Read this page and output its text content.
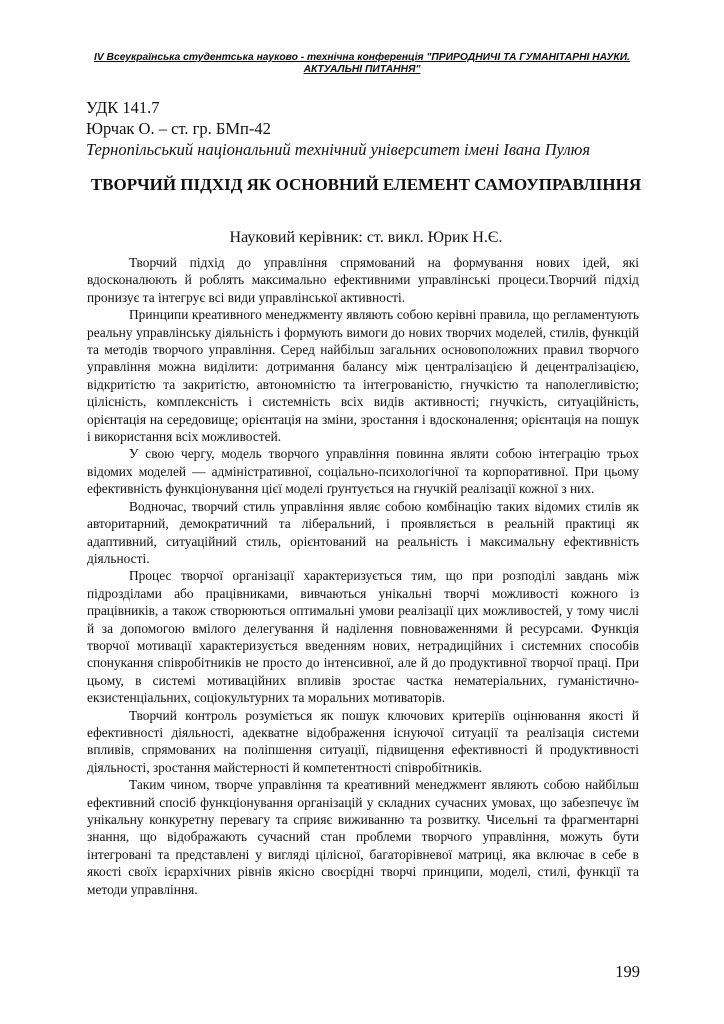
IV Всеукраїнська студентська науково - технічна конференція "ПРИРОДНИЧІ ТА ГУМАНІТАРНІ НАУКИ. АКТУАЛЬНІ ПИТАННЯ"
УДК 141.7
Юрчак О. – ст. гр. БМп-42
Тернопільський національний технічний університет імені Івана Пулюя
ТВОРЧИЙ ПІДХІД ЯК ОСНОВНИЙ ЕЛЕМЕНТ САМОУПРАВЛІННЯ
Науковий керівник: ст. викл. Юрик Н.Є.

Творчий підхід до управління спрямований на формування нових ідей, які вдосконалюють й роблять максимально ефективними управлінські процеси.Творчий підхід пронизує та інтегрує всі види управлінської активності.

Принципи креативного менеджменту являють собою керівні правила, що регламентують реальну управлінську діяльність і формують вимоги до нових творчих моделей, стилів, функцій та методів творчого управління. Серед найбільш загальних основоположних правил творчого управління можна виділити: дотримання балансу між централізацією й децентралізацією, відкритістю та закритістю, автономністю та інтегрованістю, гнучкістю та наполегливістю; цілісність, комплексність і системність всіх видів активності; гнучкість, ситуаційність, орієнтація на середовище; орієнтація на зміни, зростання і вдосконалення; орієнтація на пошук і використання всіх можливостей.

У свою чергу, модель творчого управління повинна являти собою інтеграцію трьох відомих моделей — адміністративної, соціально-психологічної та корпоративної. При цьому ефективність функціонування цієї моделі ґрунтується на гнучкій реалізації кожної з них.

Водночас, творчий стиль управління являє собою комбінацію таких відомих стилів як авторитарний, демократичний та ліберальний, і проявляється в реальній практиці як адаптивний, ситуаційний стиль, орієнтований на реальність і максимальну ефективність діяльності.

Процес творчої організації характеризується тим, що при розподілі завдань між підрозділами або працівниками, вивчаються унікальні творчі можливості кожного із працівників, а також створюються оптимальні умови реалізації цих можливостей, у тому числі й за допомогою вмілого делегування й наділення повноваженнями й ресурсами. Функція творчої мотивації характеризується введенням нових, нетрадиційних і системних способів спонукання співробітників не просто до інтенсивної, але й до продуктивної творчої праці. При цьому, в системі мотиваційних впливів зростає частка нематеріальних, гуманістично-екзистенціальних, соціокультурних та моральних мотиваторів.

Творчий контроль розуміється як пошук ключових критеріїв оцінювання якості й ефективності діяльності, адекватне відображення існуючої ситуації та реалізація системи впливів, спрямованих на поліпшення ситуації, підвищення ефективності й продуктивності діяльності, зростання майстерності й компетентності співробітників.

Таким чином, творче управління та креативний менеджмент являють собою найбільш ефективний спосіб функціонування організацій у складних сучасних умовах, що забезпечує їм унікальну конкуретну перевагу та сприяє виживанню та розвитку. Чисельні та фрагментарні знання, що відображають сучасний стан проблеми творчого управління, можуть бути інтегровані та представлені у вигляді цілісної, багаторівневої матриці, яка включає в себе в якості своїх ієрархічних рівнів якісно своєрідні творчі принципи, моделі, стилі, функції та методи управління.

199
